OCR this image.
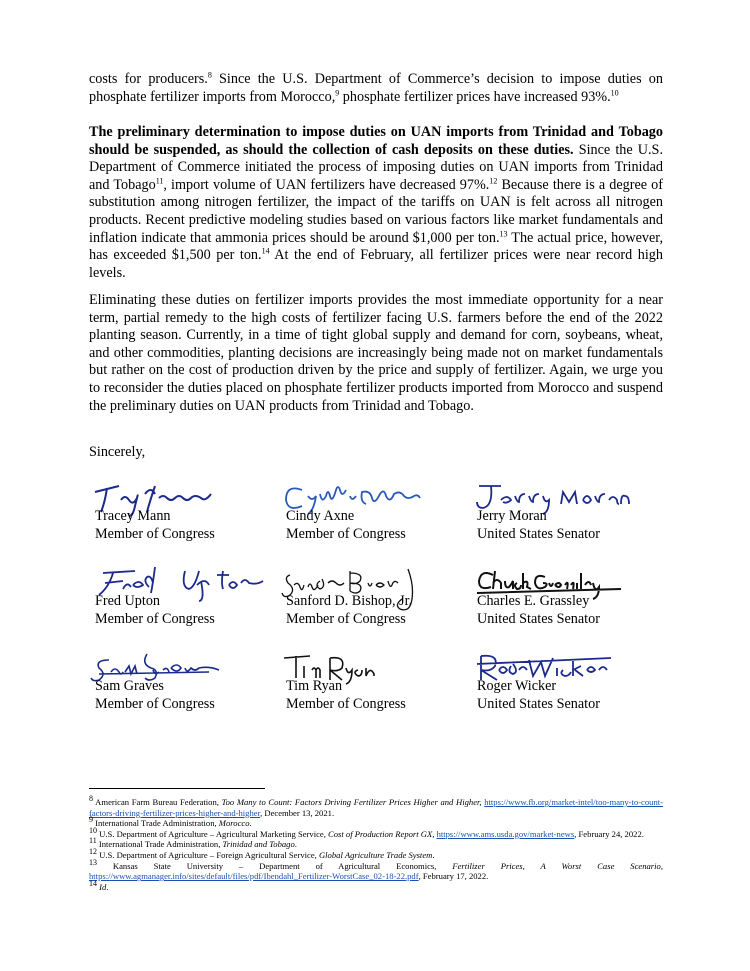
costs for producers.$^8$ Since the U.S. Department of Commerce’s decision to impose duties on phosphate fertilizer imports from Morocco,$^9$ phosphate fertilizer prices have increased 93%.$^{10}$

The preliminary determination to impose duties on UAN imports from Trinidad and Tobago should be suspended, as should the collection of cash deposits on these duties. Since the U.S. Department of Commerce initiated the process of imposing duties on UAN imports from Trinidad and Tobago$^{11}$, import volume of UAN fertilizers have decreased 97%.$^{12}$ Because there is a degree of substitution among nitrogen fertilizer, the impact of the tariffs on UAN is felt across all nitrogen products. Recent predictive modeling studies based on various factors like market fundamentals and inflation indicate that ammonia prices should be around $1,000 per ton.$^{13}$ The actual price, however, has exceeded $1,500 per ton.$^{14}$ At the end of February, all fertilizer prices were near record high levels.

Eliminating these duties on fertilizer imports provides the most immediate opportunity for a near term, partial remedy to the high costs of fertilizer facing U.S. farmers before the end of the 2022 planting season. Currently, in a time of tight global supply and demand for corn, soybeans, wheat, and other commodities, planting decisions are increasingly being made not on market fundamentals but rather on the cost of production driven by the price and supply of fertilizer. Again, we urge you to reconsider the duties placed on phosphate fertilizer products imported from Morocco and suspend the preliminary duties on UAN products from Trinidad and Tobago.

Sincerely,
Tracey Mann
Member of Congress
Cindy Axne
Member of Congress
Jerry Moran
United States Senator
Fred Upton
Member of Congress
Sanford D. Bishop, Jr.
Member of Congress
Charles E. Grassley
United States Senator
Sam Graves
Member of Congress
Tim Ryan
Member of Congress
Roger Wicker
United States Senator
$^8$ American Farm Bureau Federation, Too Many to Count: Factors Driving Fertilizer Prices Higher and Higher, https://www.fb.org/market-intel/too-many-to-count-factors-driving-fertilizer-prices-higher-and-higher, December 13, 2021.
$^9$ International Trade Administration, Morocco.
$^{10}$ U.S. Department of Agriculture – Agricultural Marketing Service, Cost of Production Report GX, https://www.ams.usda.gov/market-news, February 24, 2022.
$^{11}$ International Trade Administration, Trinidad and Tobago.
$^{12}$ U.S. Department of Agriculture – Foreign Agricultural Service, Global Agriculture Trade System.
$^{13}$ Kansas State University – Department of Agricultural Economics, Fertilizer Prices, A Worst Case Scenario, https://www.agmanager.info/sites/default/files/pdf/Ibendahl_Fertilizer-WorstCase_02-18-22.pdf, February 17, 2022.
$^{14}$ Id.
